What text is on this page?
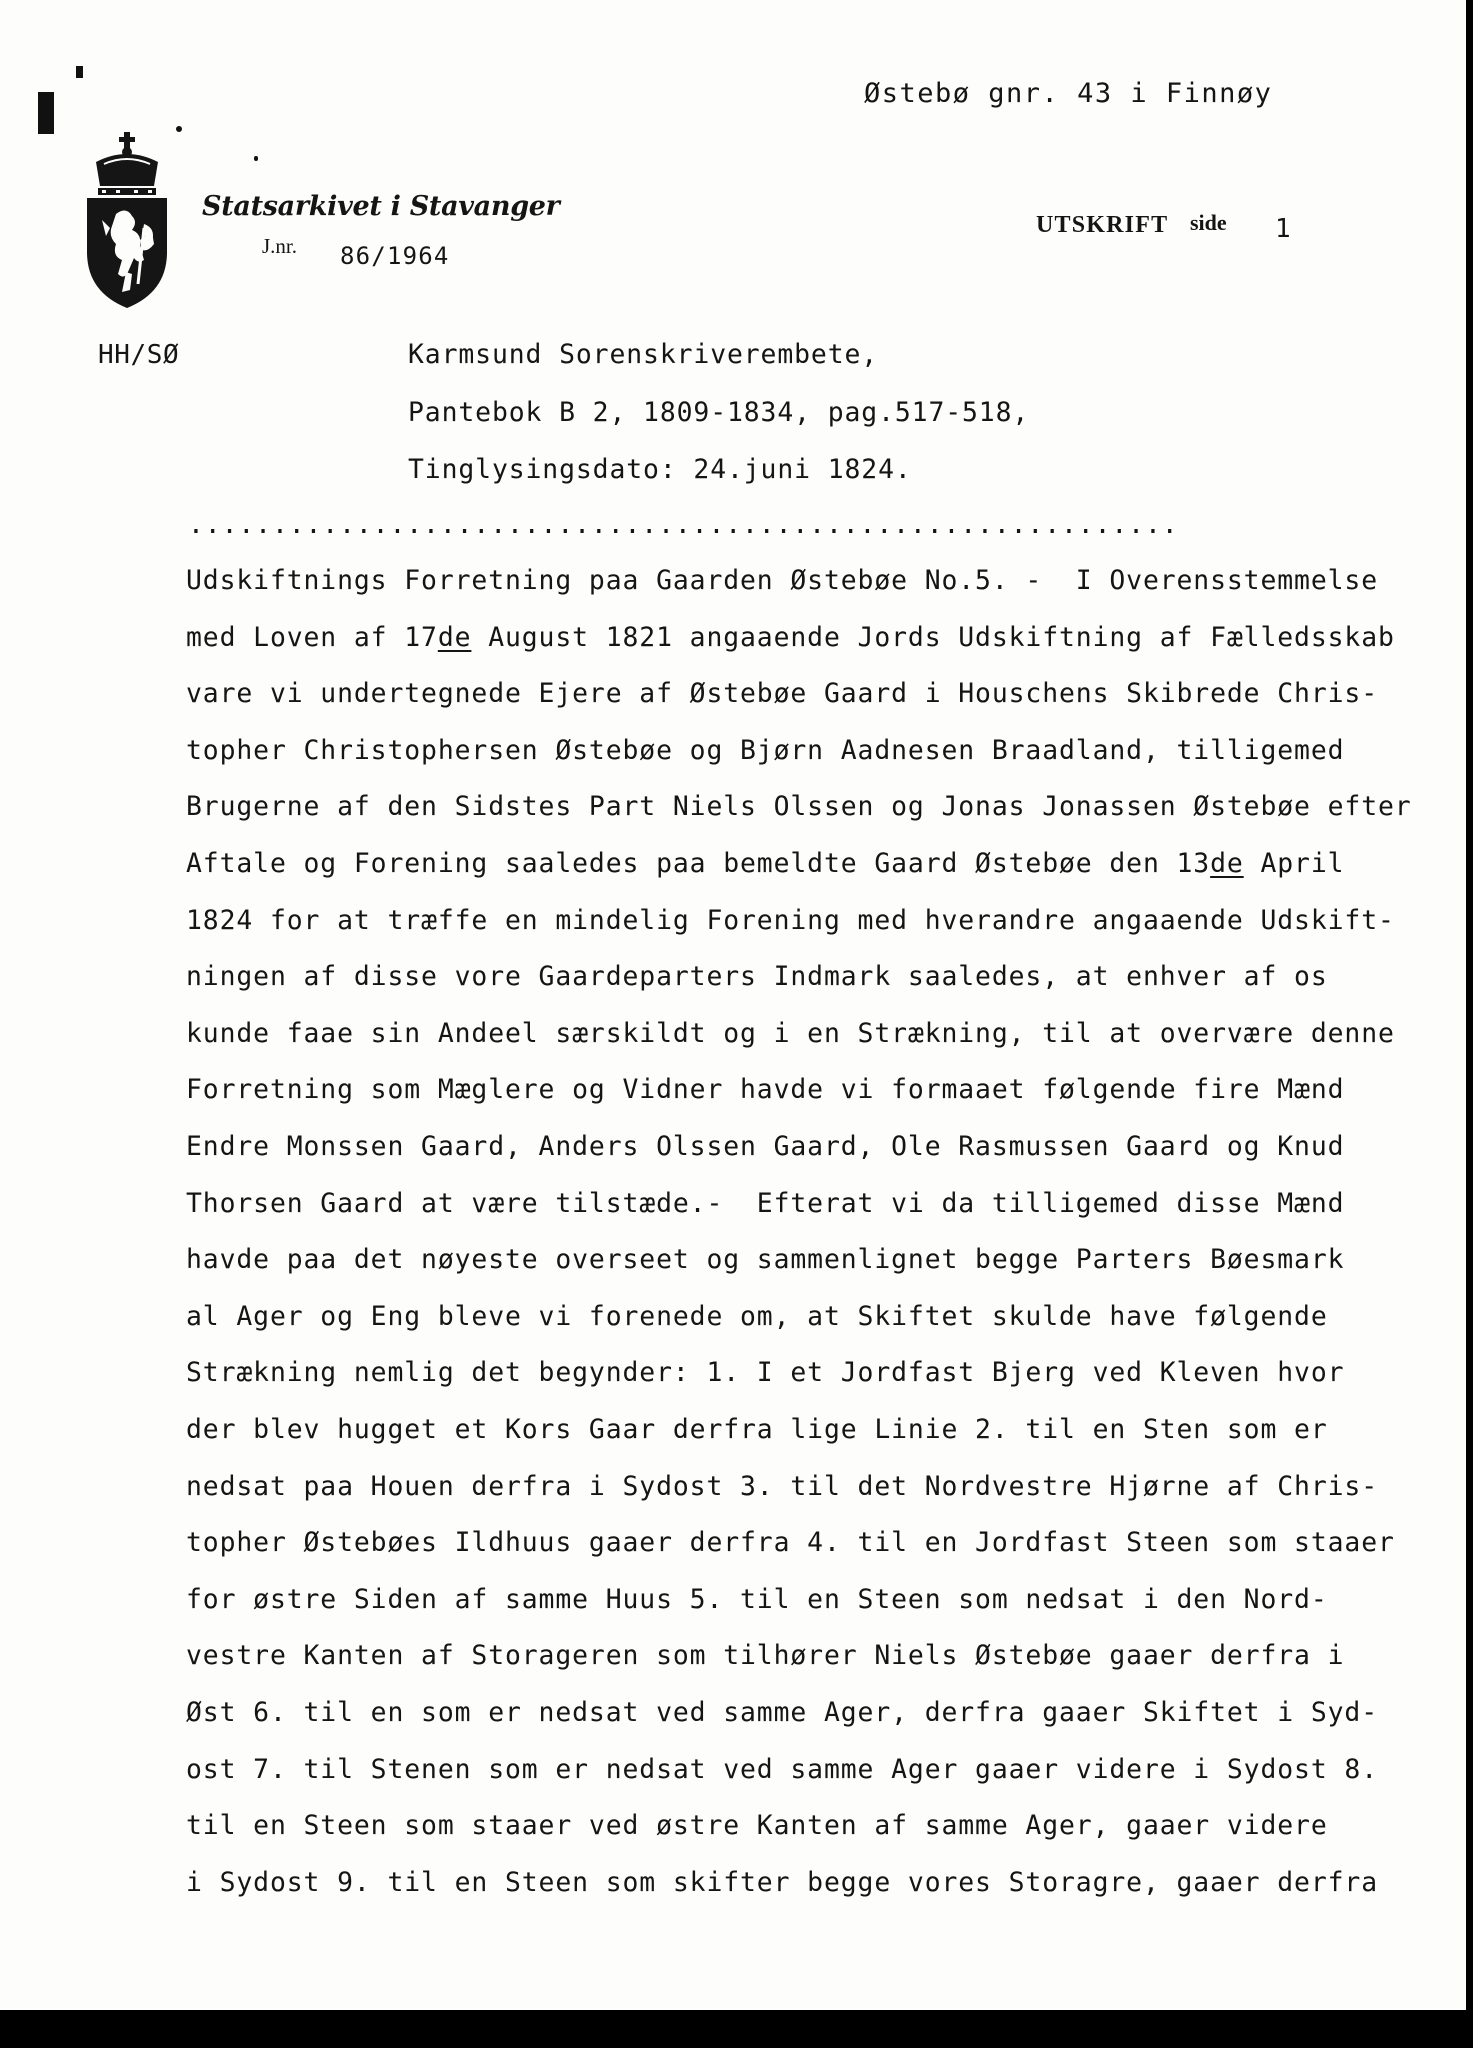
Østebø gnr. 43 i Finnøy
Statsarkivet i Stavanger
J.nr. 86/1964
UTSKRIFT side 1
HH/SØ	Karmsund Sorenskriverembete,
Pantebok B 2, 1809-1834, pag.517-518,
Tinglysingsdato: 24.juni 1824.
...........................................................
Udskiftnings Forretning paa Gaarden Østebøe No.5. -  I Overensstemmelse
med Loven af 17de August 1821 angaaende Jords Udskiftning af Fælledsskab
vare vi undertegnede Ejere af Østebøe Gaard i Houschens Skibrede Chris-
topher Christophersen Østebøe og Bjørn Aadnesen Braadland, tilligemed
Brugerne af den Sidstes Part Niels Olssen og Jonas Jonassen Østebøe efter
Aftale og Forening saaledes paa bemeldte Gaard Østebøe den 13de April
1824 for at træffe en mindelig Forening med hverandre angaaende Udskift-
ningen af disse vore Gaardeparters Indmark saaledes, at enhver af os
kunde faae sin Andeel særskildt og i en Strækning, til at overvære denne
Forretning som Mæglere og Vidner havde vi formaaet følgende fire Mænd
Endre Monssen Gaard, Anders Olssen Gaard, Ole Rasmussen Gaard og Knud
Thorsen Gaard at være tilstæde.-  Efterat vi da tilligemed disse Mænd
havde paa det nøyeste overseet og sammenlignet begge Parters Bøesmark
al Ager og Eng bleve vi forenede om, at Skiftet skulde have følgende
Strækning nemlig det begynder: 1. I et Jordfast Bjerg ved Kleven hvor
der blev hugget et Kors Gaar derfra lige Linie 2. til en Sten som er
nedsat paa Houen derfra i Sydost 3. til det Nordvestre Hjørne af Chris-
topher Østebøes Ildhuus gaaer derfra 4. til en Jordfast Steen som staaer
for østre Siden af samme Huus 5. til en Steen som nedsat i den Nord-
vestre Kanten af Storageren som tilhører Niels Østebøe gaaer derfra i
Øst 6. til en som er nedsat ved samme Ager, derfra gaaer Skiftet i Syd-
ost 7. til Stenen som er nedsat ved samme Ager gaaer videre i Sydost 8.
til en Steen som staaer ved østre Kanten af samme Ager, gaaer videre
i Sydost 9. til en Steen som skifter begge vores Storagre, gaaer derfra
